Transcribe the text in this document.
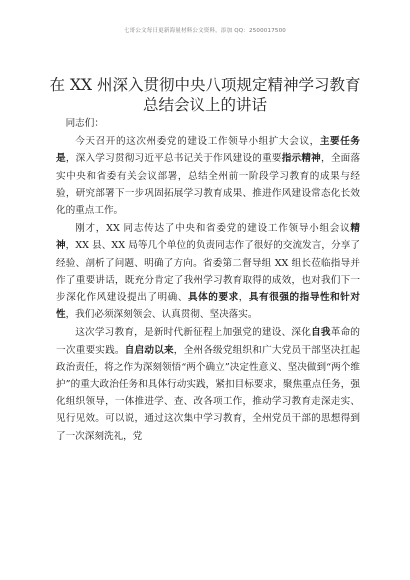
七哥公文每日更新海量材料公文资料，添加 QQ：2500017500
在 XX 州深入贯彻中央八项规定精神学习教育
总结会议上的讲话

同志们：

今天召开的这次州委党的建设工作领导小组扩大会议，主要任务是，深入学习贯彻习近平总书记关于作风建设的重要指示精神，全面落实中央和省委有关会议部署，总结全州前一阶段学习教育的成果与经验，研究部署下一步巩固拓展学习教育成果、推进作风建设常态化长效化的重点工作。

刚才，XX 同志传达了中央和省委党的建设工作领导小组会议精神，XX 县、XX 局等几个单位的负责同志作了很好的交流发言，分享了经验、剖析了问题、明确了方向。省委第二督导组 XX 组长莅临指导并作了重要讲话，既充分肯定了我州学习教育取得的成效，也对我们下一步深化作风建设提出了明确、具体的要求，具有很强的指导性和针对性，我们必须深刻领会、认真贯彻、坚决落实。

这次学习教育，是新时代新征程上加强党的建设、深化自我革命的一次重要实践。自启动以来，全州各级党组织和广大党员干部坚决扛起政治责任，将之作为深刻领悟“两个确立”决定性意义、坚决做到“两个维护”的重大政治任务和具体行动实践，紧扣目标要求，聚焦重点任务，强化组织领导，一体推进学、查、改各项工作，推动学习教育走深走实、见行见效。可以说，通过这次集中学习教育，全州党员干部的思想得到了一次深刻洗礼，党
